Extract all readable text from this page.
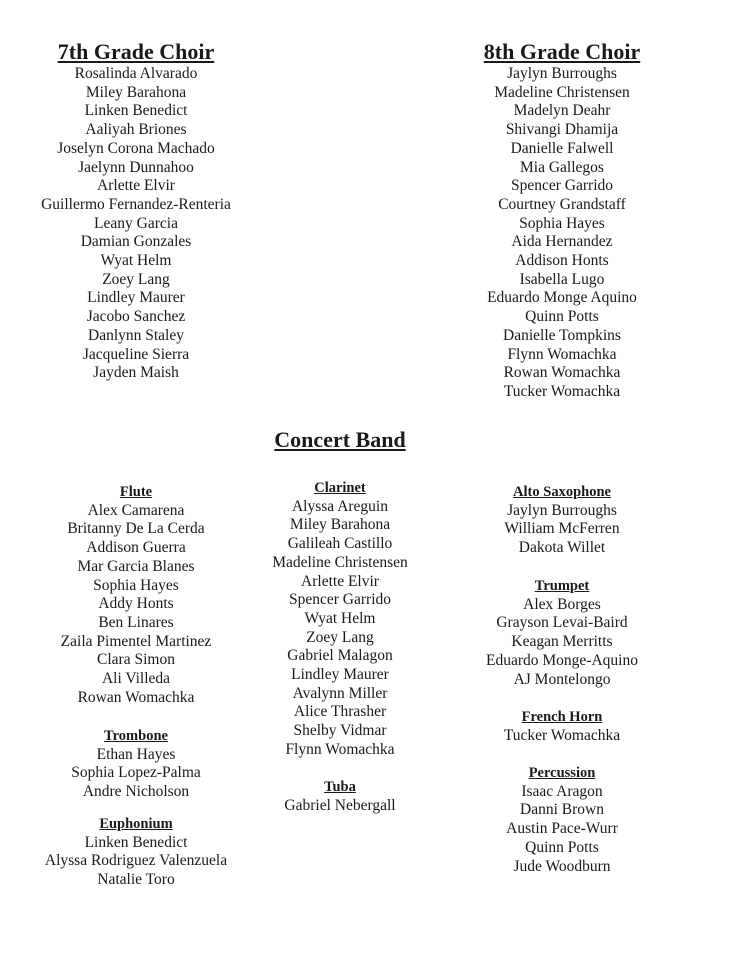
7th Grade Choir	8th Grade Choir
Concert Band
Rosalinda Alvarado
Miley Barahona
Linken Benedict
Aaliyah Briones
Joselyn Corona Machado
Jaelynn Dunnahoo
Arlette Elvir
Guillermo Fernandez-Renteria
Leany Garcia
Damian Gonzales
Wyat Helm
Zoey Lang
Lindley Maurer
Jacobo Sanchez
Danlynn Staley
Jacqueline Sierra
Jayden Maish
Jaylyn Burroughs
Madeline Christensen
Madelyn Deahr
Shivangi Dhamija
Danielle Falwell
Mia Gallegos
Spencer Garrido
Courtney Grandstaff
Sophia Hayes
Aida Hernandez
Addison Honts
Isabella Lugo
Eduardo Monge Aquino
Quinn Potts
Danielle Tompkins
Flynn Womachka
Rowan Womachka
Tucker Womachka
Flute
Alex Camarena
Britanny De La Cerda
Addison Guerra
Mar Garcia Blanes
Sophia Hayes
Addy Honts
Ben Linares
Zaila Pimentel Martinez
Clara Simon
Ali Villeda
Rowan Womachka
Trombone
Ethan Hayes
Sophia Lopez-Palma
Andre Nicholson
Euphonium
Linken Benedict
Alyssa Rodriguez Valenzuela
Natalie Toro
Clarinet
Alyssa Areguin
Miley Barahona
Galileah Castillo
Madeline Christensen
Arlette Elvir
Spencer Garrido
Wyat Helm
Zoey Lang
Gabriel Malagon
Lindley Maurer
Avalynn Miller
Alice Thrasher
Shelby Vidmar
Flynn Womachka
Tuba
Gabriel Nebergall
Alto Saxophone
Jaylyn Burroughs
William McFerren
Dakota Willet
Trumpet
Alex Borges
Grayson Levai-Baird
Keagan Merritts
Eduardo Monge-Aquino
AJ Montelongo
French Horn
Tucker Womachka
Percussion
Isaac Aragon
Danni Brown
Austin Pace-Wurr
Quinn Potts
Jude Woodburn
